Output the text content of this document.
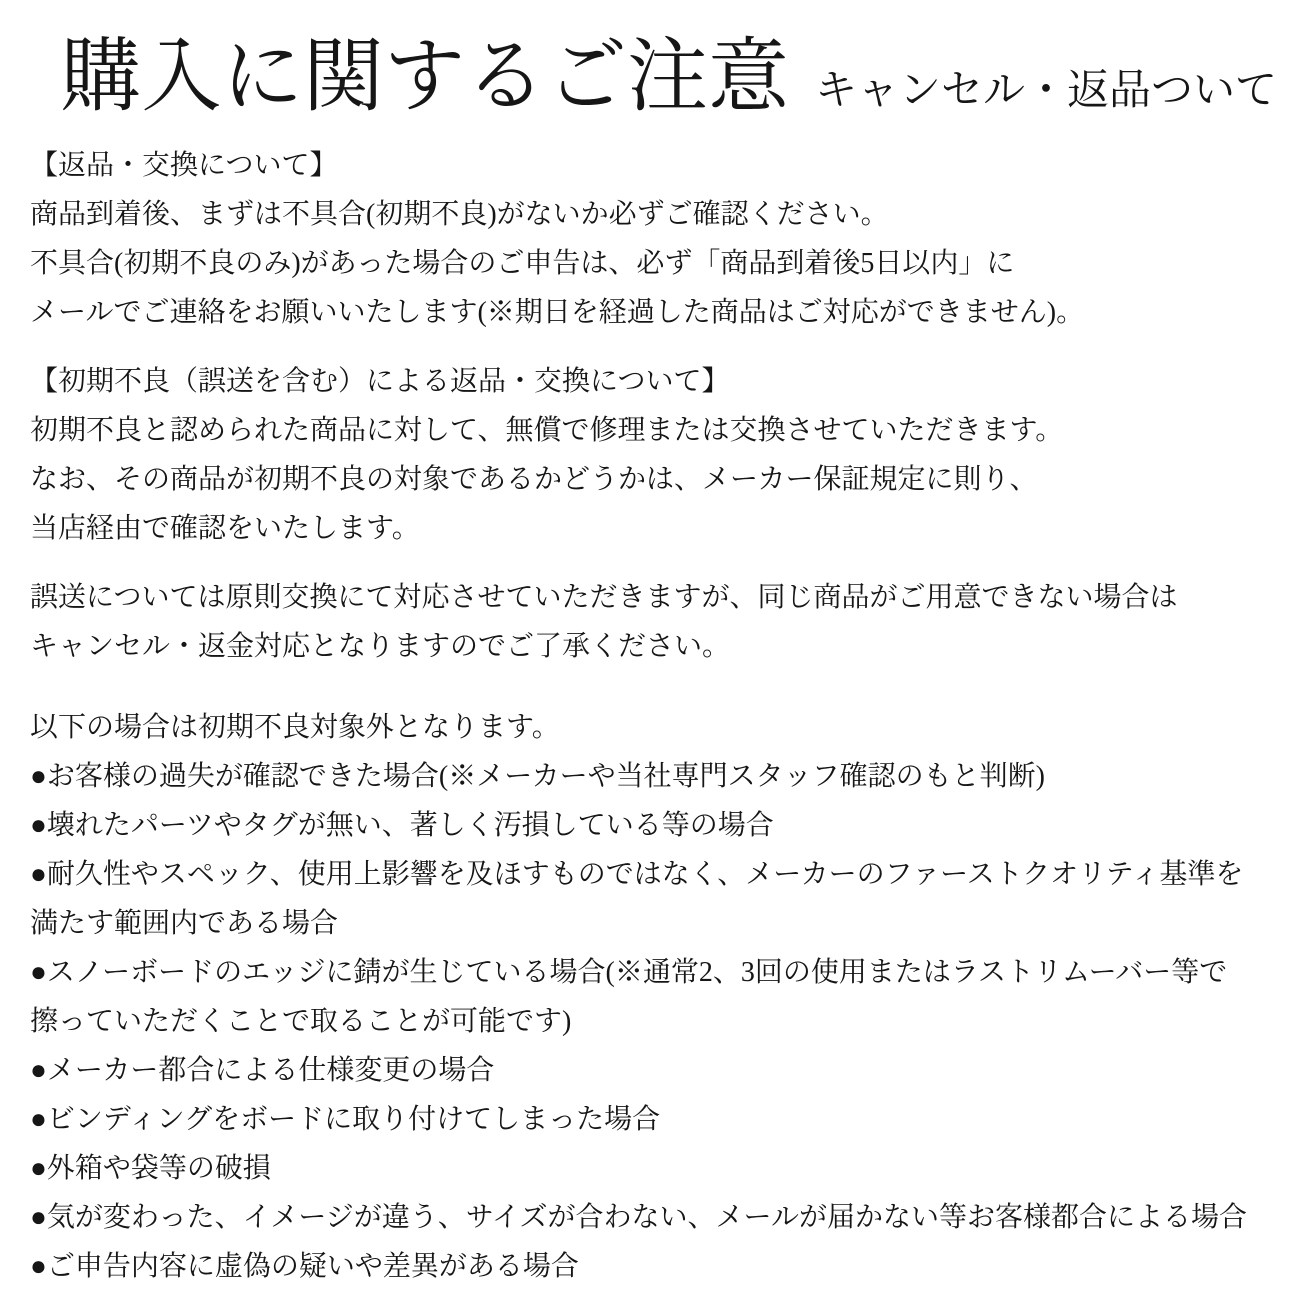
購入に関するご注意 キャンセル・返品ついて
【返品・交換について】
商品到着後、まずは不具合(初期不良)がないか必ずご確認ください。
不具合(初期不良のみ)があった場合のご申告は、必ず「商品到着後5日以内」に
メールでご連絡をお願いいたします(※期日を経過した商品はご対応ができません)。
【初期不良（誤送を含む）による返品・交換について】
初期不良と認められた商品に対して、無償で修理または交換させていただきます。
なお、その商品が初期不良の対象であるかどうかは、メーカー保証規定に則り、
当店経由で確認をいたします。
誤送については原則交換にて対応させていただきますが、同じ商品がご用意できない場合は
キャンセル・返金対応となりますのでご了承ください。
以下の場合は初期不良対象外となります。
●お客様の過失が確認できた場合(※メーカーや当社専門スタッフ確認のもと判断)
●壊れたパーツやタグが無い、著しく汚損している等の場合
●耐久性やスペック、使用上影響を及ほすものではなく、メーカーのファーストクオリティ基準を
満たす範囲内である場合
●スノーボードのエッジに錆が生じている場合(※通常2、3回の使用またはラストリムーバー等で
擦っていただくことで取ることが可能です)
●メーカー都合による仕様変更の場合
●ビンディングをボードに取り付けてしまった場合
●外箱や袋等の破損
●気が変わった、イメージが違う、サイズが合わない、メールが届かない等お客様都合による場合
●ご申告内容に虚偽の疑いや差異がある場合
